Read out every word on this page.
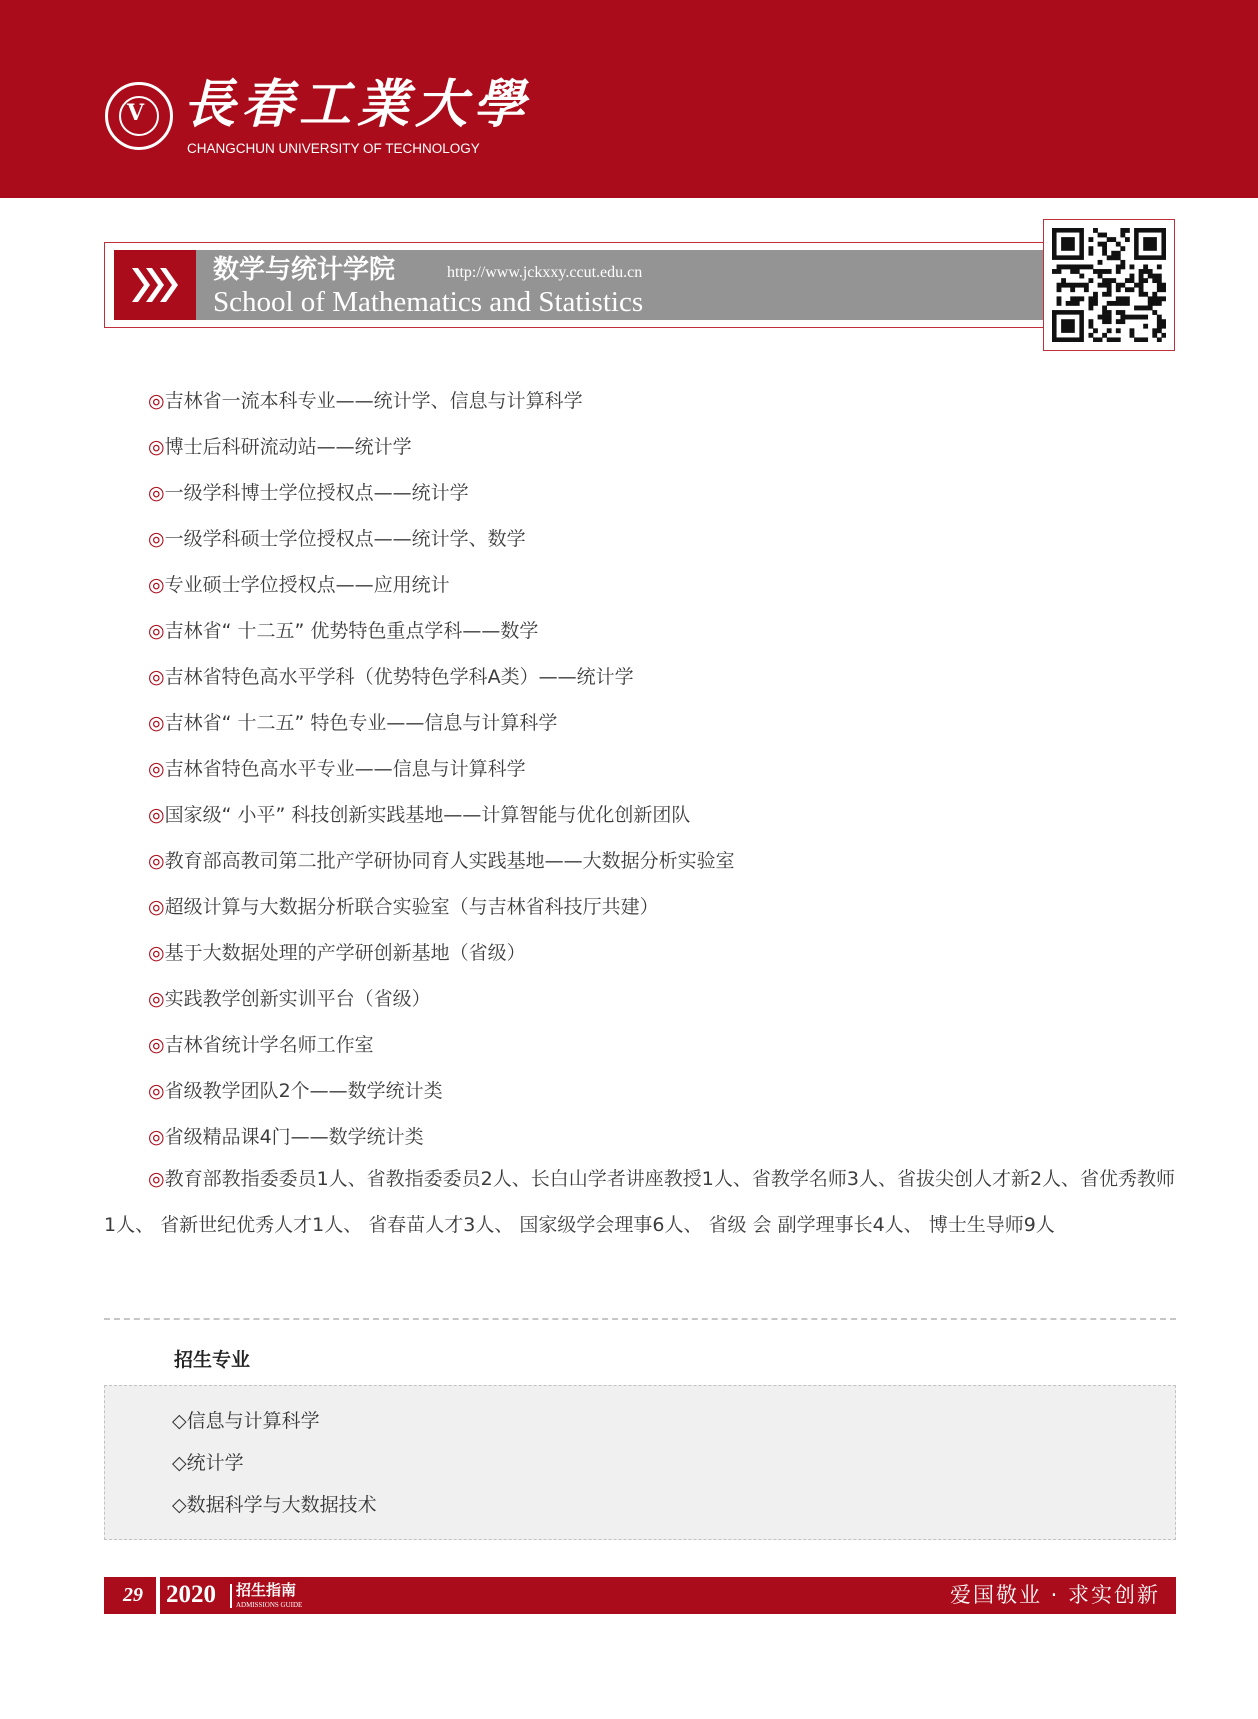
V 長春工業大學
CHANGCHUN UNIVERSITY OF TECHNOLOGY
数学与统计学院	http://www.jckxxy.ccut.edu.cn
School of Mathematics and Statistics
◎吉林省一流本科专业——统计学、信息与计算科学
◎博士后科研流动站——统计学
◎一级学科博士学位授权点——统计学
◎一级学科硕士学位授权点——统计学、数学
◎专业硕士学位授权点——应用统计
◎吉林省“ 十二五” 优势特色重点学科——数学
◎吉林省特色高水平学科（优势特色学科A类）——统计学
◎吉林省“ 十二五” 特色专业——信息与计算科学
◎吉林省特色高水平专业——信息与计算科学
◎国家级“ 小平” 科技创新实践基地——计算智能与优化创新团队
◎教育部高教司第二批产学研协同育人实践基地——大数据分析实验室
◎超级计算与大数据分析联合实验室（与吉林省科技厅共建）
◎基于大数据处理的产学研创新基地（省级）
◎实践教学创新实训平台（省级）
◎吉林省统计学名师工作室
◎省级教学团队2个——数学统计类
◎省级精品课4门——数学统计类

◎教育部教指委委员1人、省教指委委员2人、长白山学者讲座教授1人、省教学名师3人、省拔尖创人才新2人、省优秀教师1人、 省新世纪优秀人才1人、 省春苗人才3人、 国家级学会理事6人、 省级 会 副学理事长4人、 博士生导师9人

招生专业
◇信息与计算科学
◇统计学
◇数据科学与大数据技术
29 2020 招生指南
ADMISSIONS GUIDE	爱国敬业 · 求实创新
